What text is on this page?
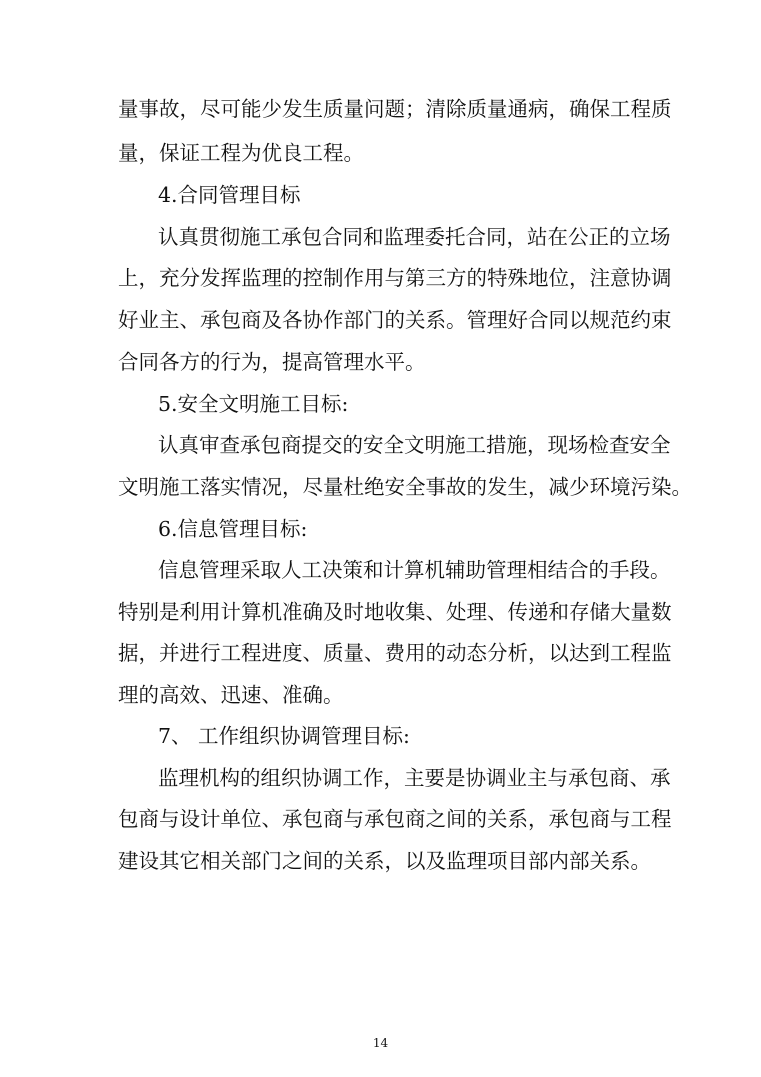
量事故，尽可能少发生质量问题；清除质量通病，确保工程质
量，保证工程为优良工程。
4.合同管理目标
认真贯彻施工承包合同和监理委托合同，站在公正的立场
上，充分发挥监理的控制作用与第三方的特殊地位，注意协调
好业主、承包商及各协作部门的关系。管理好合同以规范约束
合同各方的行为，提高管理水平。
5.安全文明施工目标:
认真审查承包商提交的安全文明施工措施，现场检查安全
文明施工落实情况，尽量杜绝安全事故的发生，减少环境污染。
6.信息管理目标:
信息管理采取人工决策和计算机辅助管理相结合的手段。
特别是利用计算机准确及时地收集、处理、传递和存储大量数
据，并进行工程进度、质量、费用的动态分析，以达到工程监
理的高效、迅速、准确。
7、 工作组织协调管理目标:
监理机构的组织协调工作，主要是协调业主与承包商、承
包商与设计单位、承包商与承包商之间的关系，承包商与工程
建设其它相关部门之间的关系，以及监理项目部内部关系。
14
